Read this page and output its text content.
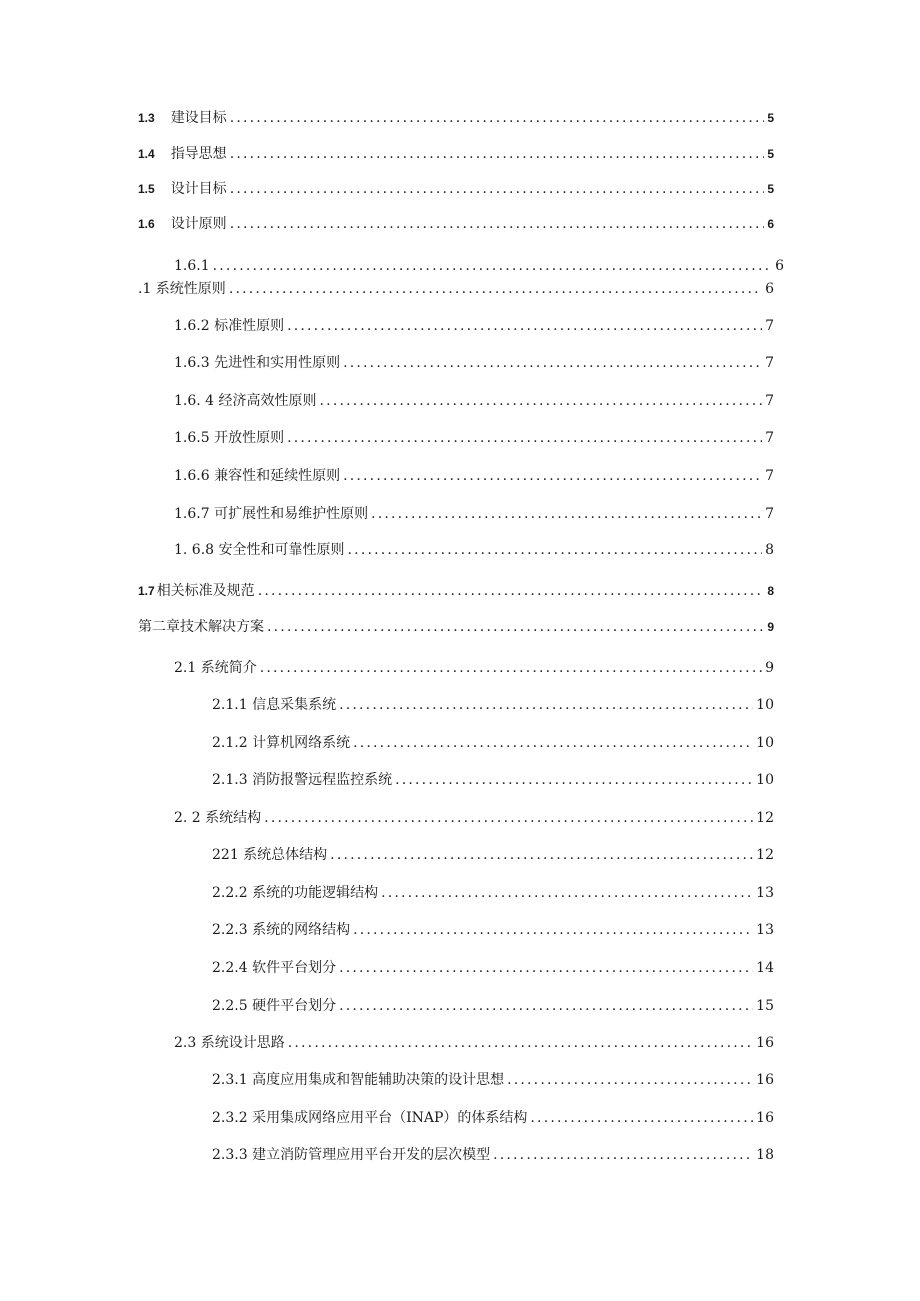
1.3 建设目标 .....	5
1.4 指导思想 .....	5
1.5 设计目标 .....	5
1.6 设计原则 .....	6
1.6.1 .....	6
.1 系统性原则 .....	6
1.6.2 标准性原则 .....	7
1.6.3 先进性和实用性原则 .....	7
1.6. 4 经济高效性原则 .....	7
1.6.5 开放性原则 .....	7
1.6.6 兼容性和延续性原则 .....	7
1.6.7 可扩展性和易维护性原则 .....	7
1. 6.8 安全性和可靠性原则 .....	8
1.7 相关标准及规范 .....	8
第二章技术解决方案 .....	9
2.1 系统简介 .....	9
2.1.1 信息采集系统 .....	10
2.1.2 计算机网络系统 .....	10
2.1.3 消防报警远程监控系统 .....	10
2. 2 系统结构 .....	12
221 系统总体结构 .....	12
2.2.2 系统的功能逻辑结构 .....	13
2.2.3 系统的网络结构 .....	13
2.2.4 软件平台划分 .....	14
2.2.5 硬件平台划分 .....	15
2.3 系统设计思路 .....	16
2.3.1 高度应用集成和智能辅助决策的设计思想 .....	16
2.3.2 采用集成网络应用平台（INAP）的体系结构 .....	16
2.3.3 建立消防管理应用平台开发的层次模型 .....	18
